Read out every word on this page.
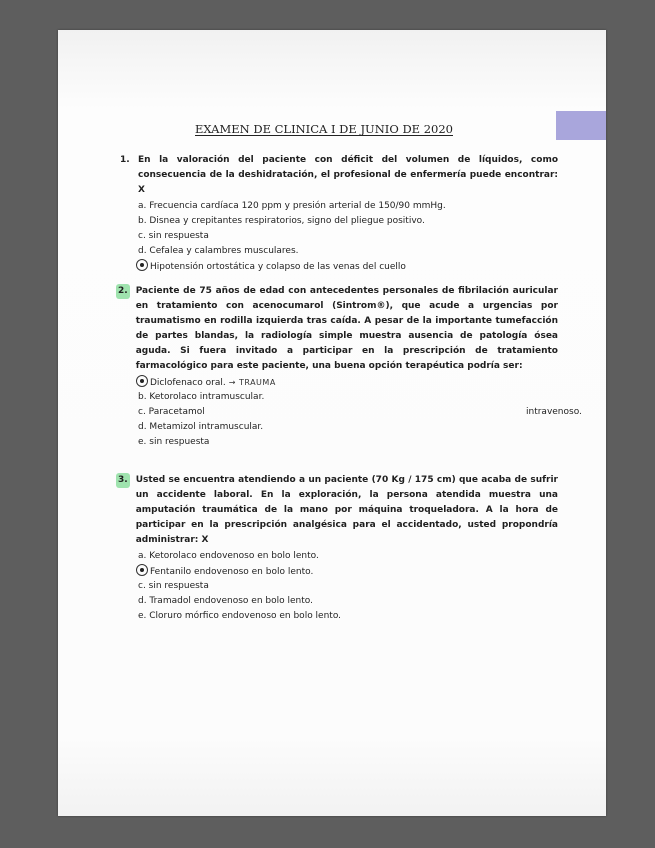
EXAMEN DE CLINICA I DE JUNIO DE 2020
1. En la valoración del paciente con déficit del volumen de líquidos, como consecuencia de la deshidratación, el profesional de enfermería puede encontrar: X
a. Frecuencia cardíaca 120 ppm y presión arterial de 150/90 mmHg.
b. Disnea y crepitantes respiratorios, signo del pliegue positivo.
c. sin respuesta
d. Cefalea y calambres musculares.
Hipotensión ortostática y colapso de las venas del cuello
2. Paciente de 75 años de edad con antecedentes personales de fibrilación auricular en tratamiento con acenocumarol (Sintrom®), que acude a urgencias por traumatismo en rodilla izquierda tras caída. A pesar de la importante tumefacción de partes blandas, la radiología simple muestra ausencia de patología ósea aguda. Si fuera invitado a participar en la prescripción de tratamiento farmacológico para este paciente, una buena opción terapéutica podría ser:
Diclofenaco oral. → TRAUMA
b. Ketorolaco intramuscular.
c. Paracetamol	intravenoso.
d. Metamizol intramuscular.
e. sin respuesta
3. Usted se encuentra atendiendo a un paciente (70 Kg / 175 cm) que acaba de sufrir un accidente laboral. En la exploración, la persona atendida muestra una amputación traumática de la mano por máquina troqueladora. A la hora de participar en la prescripción analgésica para el accidentado, usted propondría administrar: X
a. Ketorolaco endovenoso en bolo lento.
Fentanilo endovenoso en bolo lento.
c. sin respuesta
d. Tramadol endovenoso en bolo lento.
e. Cloruro mórfico endovenoso en bolo lento.
